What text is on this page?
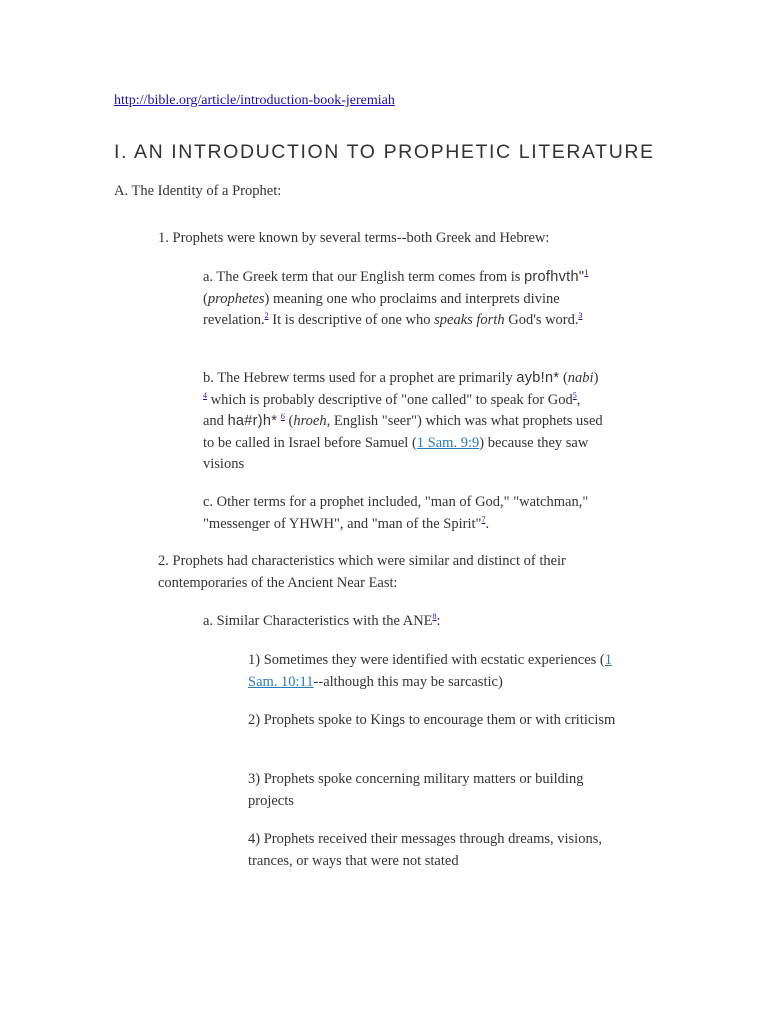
http://bible.org/article/introduction-book-jeremiah
I. AN INTRODUCTION TO PROPHETIC LITERATURE

A. The Identity of a Prophet:

1. Prophets were known by several terms--both Greek and Hebrew:

a. The Greek term that our English term comes from is profhvth"$^1$ (prophetes) meaning one who proclaims and interprets divine revelation.$^2$ It is descriptive of one who speaks forth God's word.$^3$

b. The Hebrew terms used for a prophet are primarily ayb!n* (nabi) $^4$ which is probably descriptive of "one called" to speak for God$^5$, and ha#r)h* $^6$ (hroeh, English "seer") which was what prophets used to be called in Israel before Samuel (1 Sam. 9:9) because they saw visions

c. Other terms for a prophet included, "man of God," "watchman," "messenger of YHWH", and "man of the Spirit"$^7$.

2. Prophets had characteristics which were similar and distinct of their contemporaries of the Ancient Near East:

a. Similar Characteristics with the ANE$^8$:

1) Sometimes they were identified with ecstatic experiences (1 Sam. 10:11--although this may be sarcastic)

2) Prophets spoke to Kings to encourage them or with criticism

3) Prophets spoke concerning military matters or building projects

4) Prophets received their messages through dreams, visions, trances, or ways that were not stated
